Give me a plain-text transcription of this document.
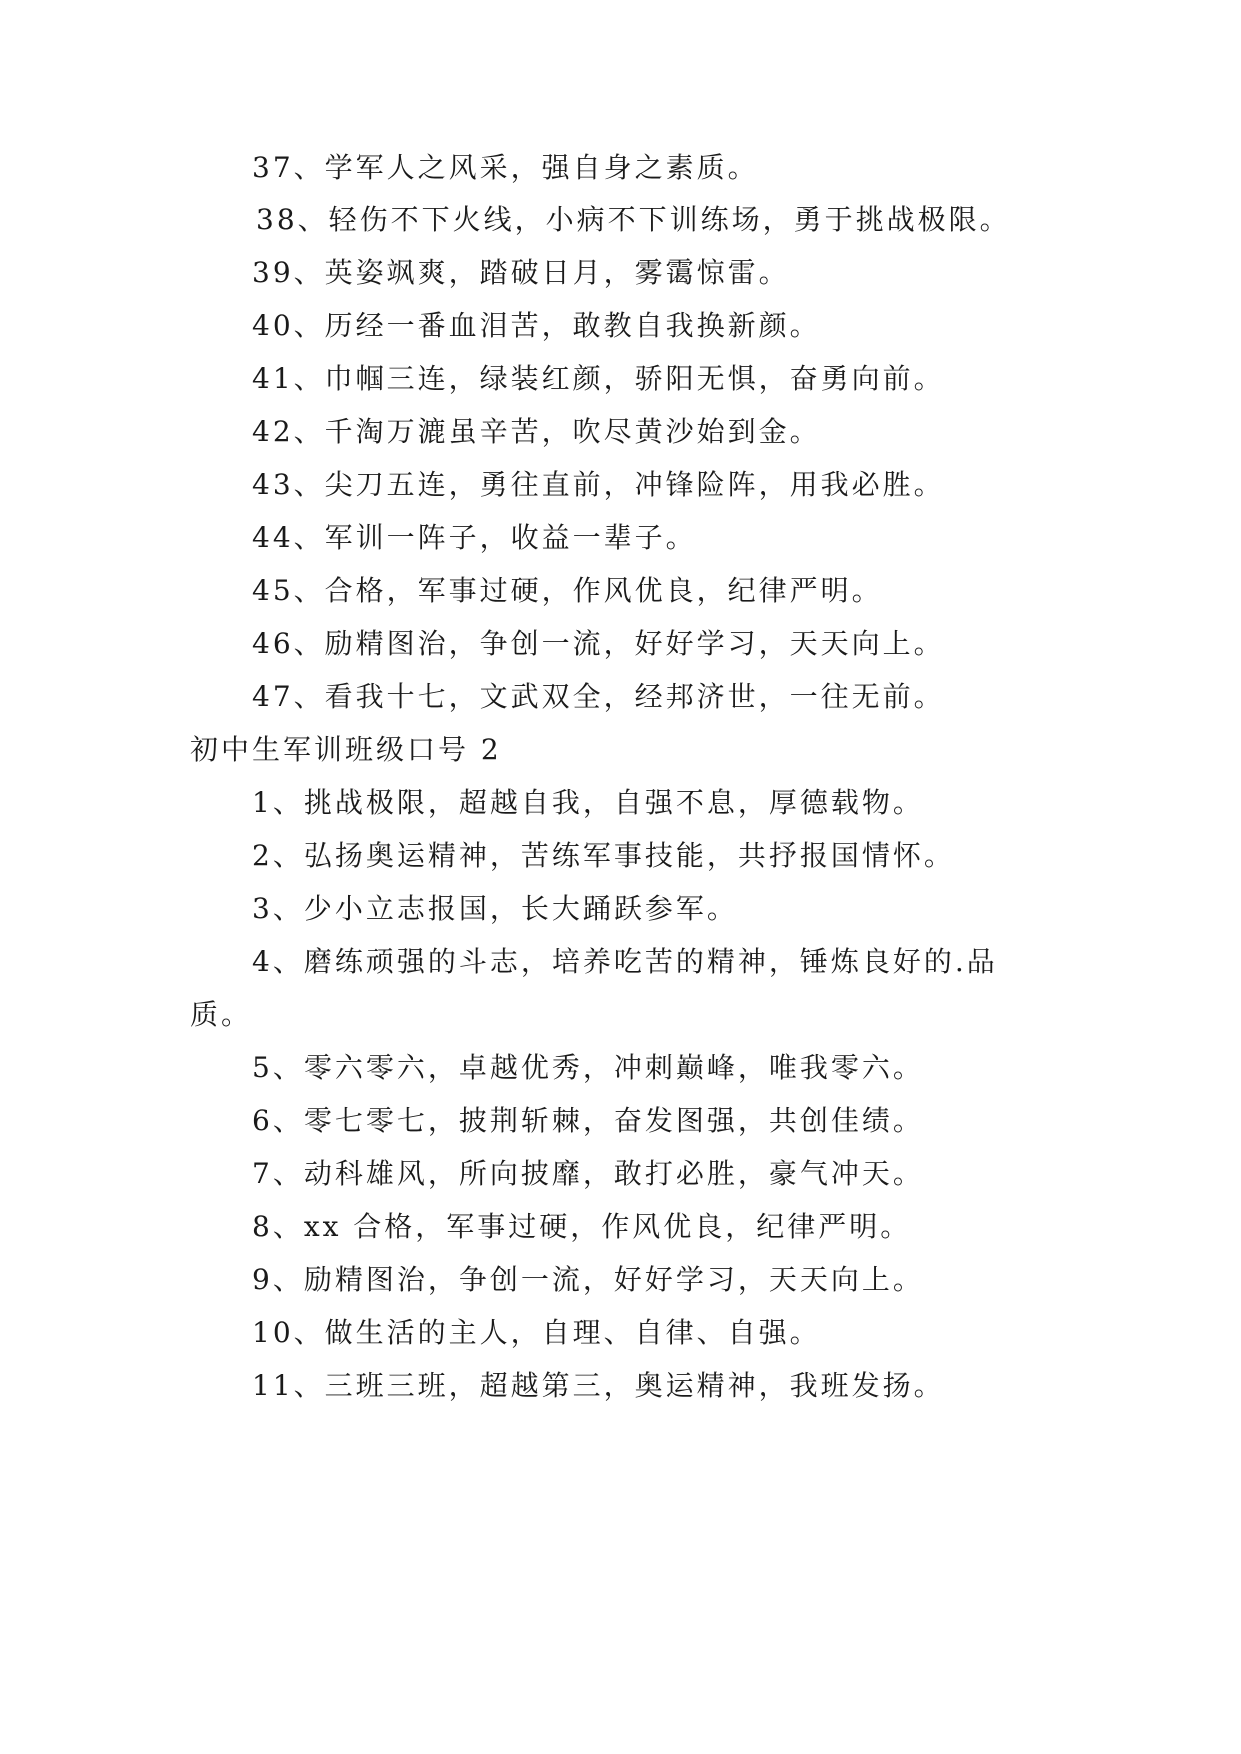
37、学军人之风采，强自身之素质。
38、轻伤不下火线，小病不下训练场，勇于挑战极限。
39、英姿飒爽，踏破日月，雾霭惊雷。
40、历经一番血泪苦，敢教自我换新颜。
41、巾帼三连，绿装红颜，骄阳无惧，奋勇向前。
42、千淘万漉虽辛苦，吹尽黄沙始到金。
43、尖刀五连，勇往直前，冲锋险阵，用我必胜。
44、军训一阵子，收益一辈子。
45、合格，军事过硬，作风优良，纪律严明。
46、励精图治，争创一流，好好学习，天天向上。
47、看我十七，文武双全，经邦济世，一往无前。
初中生军训班级口号 2
1、挑战极限，超越自我，自强不息，厚德载物。
2、弘扬奥运精神，苦练军事技能，共抒报国情怀。
3、少小立志报国，长大踊跃参军。
4、磨练顽强的斗志，培养吃苦的精神，锤炼良好的.品
质。
5、零六零六，卓越优秀，冲刺巅峰，唯我零六。
6、零七零七，披荆斩棘，奋发图强，共创佳绩。
7、动科雄风，所向披靡，敢打必胜，豪气冲天。
8、xx 合格，军事过硬，作风优良，纪律严明。
9、励精图治，争创一流，好好学习，天天向上。
10、做生活的主人，自理、自律、自强。
11、三班三班，超越第三，奥运精神，我班发扬。
